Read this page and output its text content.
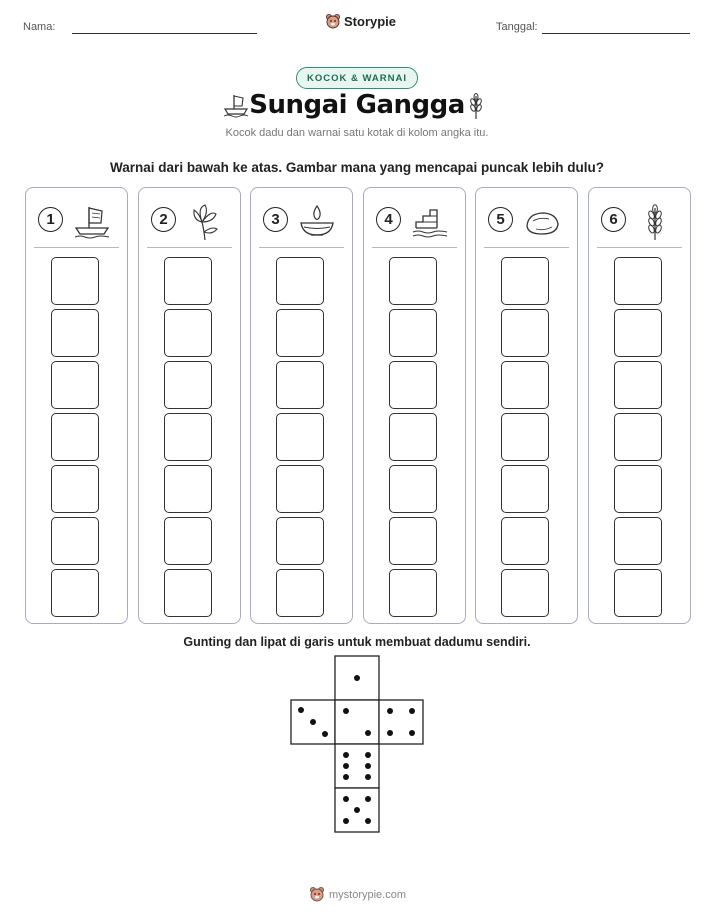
Nama:	Storypie	Tanggal:
KOCOK & WARNAI
Sungai Gangga
Kocok dadu dan warnai satu kotak di kolom angka itu.
Warnai dari bawah ke atas. Gambar mana yang mencapai puncak lebih dulu?
1	2	3	4	5	6
Gunting dan lipat di garis untuk membuat dadumu sendiri.
mystorypie.com
